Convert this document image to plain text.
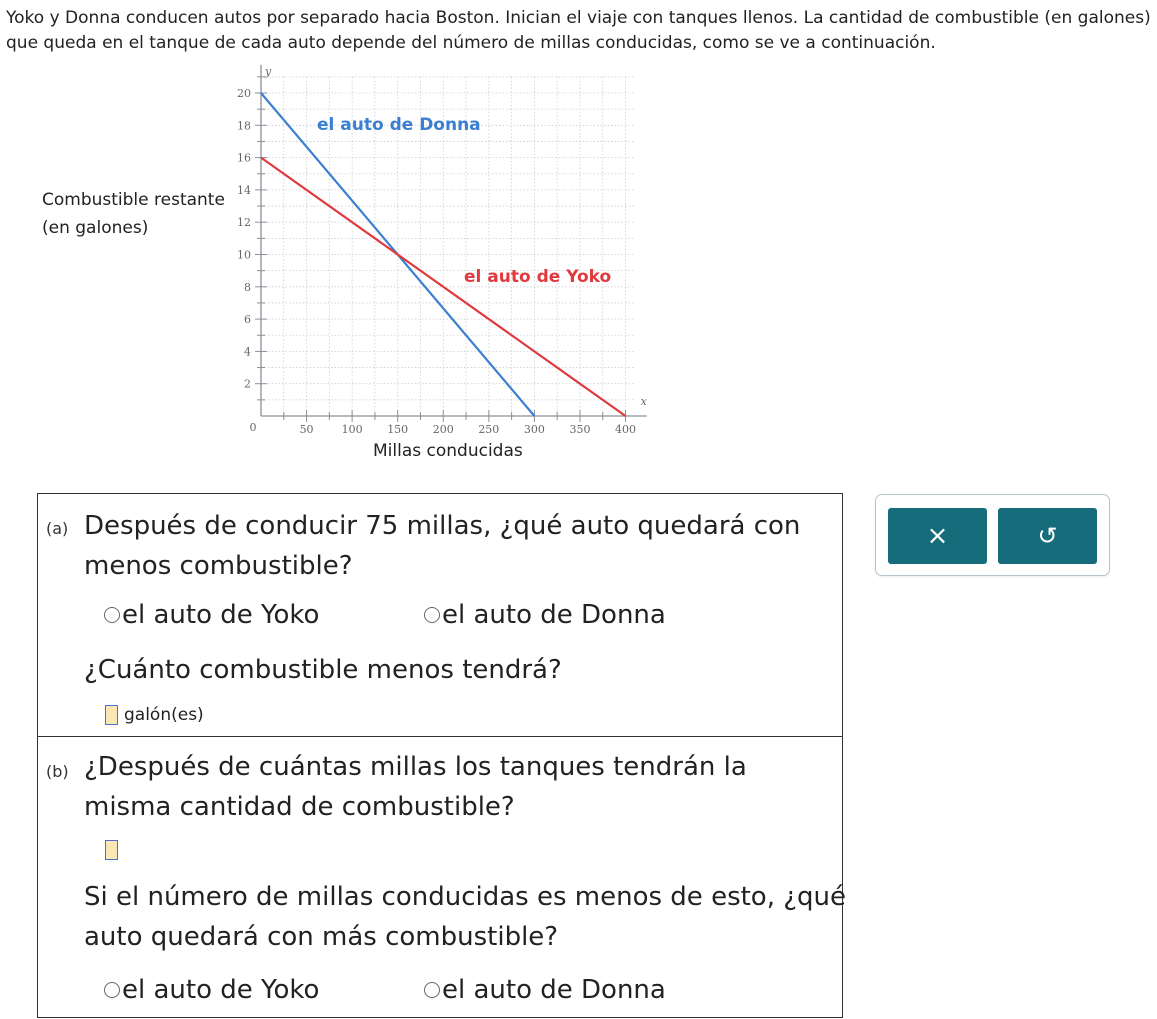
Yoko y Donna conducen autos por separado hacia Boston. Inician el viaje con tanques llenos. La cantidad de combustible (en galones) que queda en el tanque de cada auto depende del número de millas conducidas, como se ve a continuación.

Combustible restante
(en galones)
50	100 150 200 250 300 350 400
2
4
6
8
10
12
14
16
18
20
0
x
y
el auto de Donna
el auto de Yoko
Millas conducidas
(a) Después de conducir 75 millas, ¿qué auto quedará con menos combustible?
el auto de Yoko	el auto de Donna
¿Cuánto combustible menos tendrá?
galón(es)
(b) ¿Después de cuántas millas los tanques tendrán la misma cantidad de combustible?
Si el número de millas conducidas es menos de esto, ¿qué auto quedará con más combustible?
el auto de Yoko	el auto de Donna
×	↺
